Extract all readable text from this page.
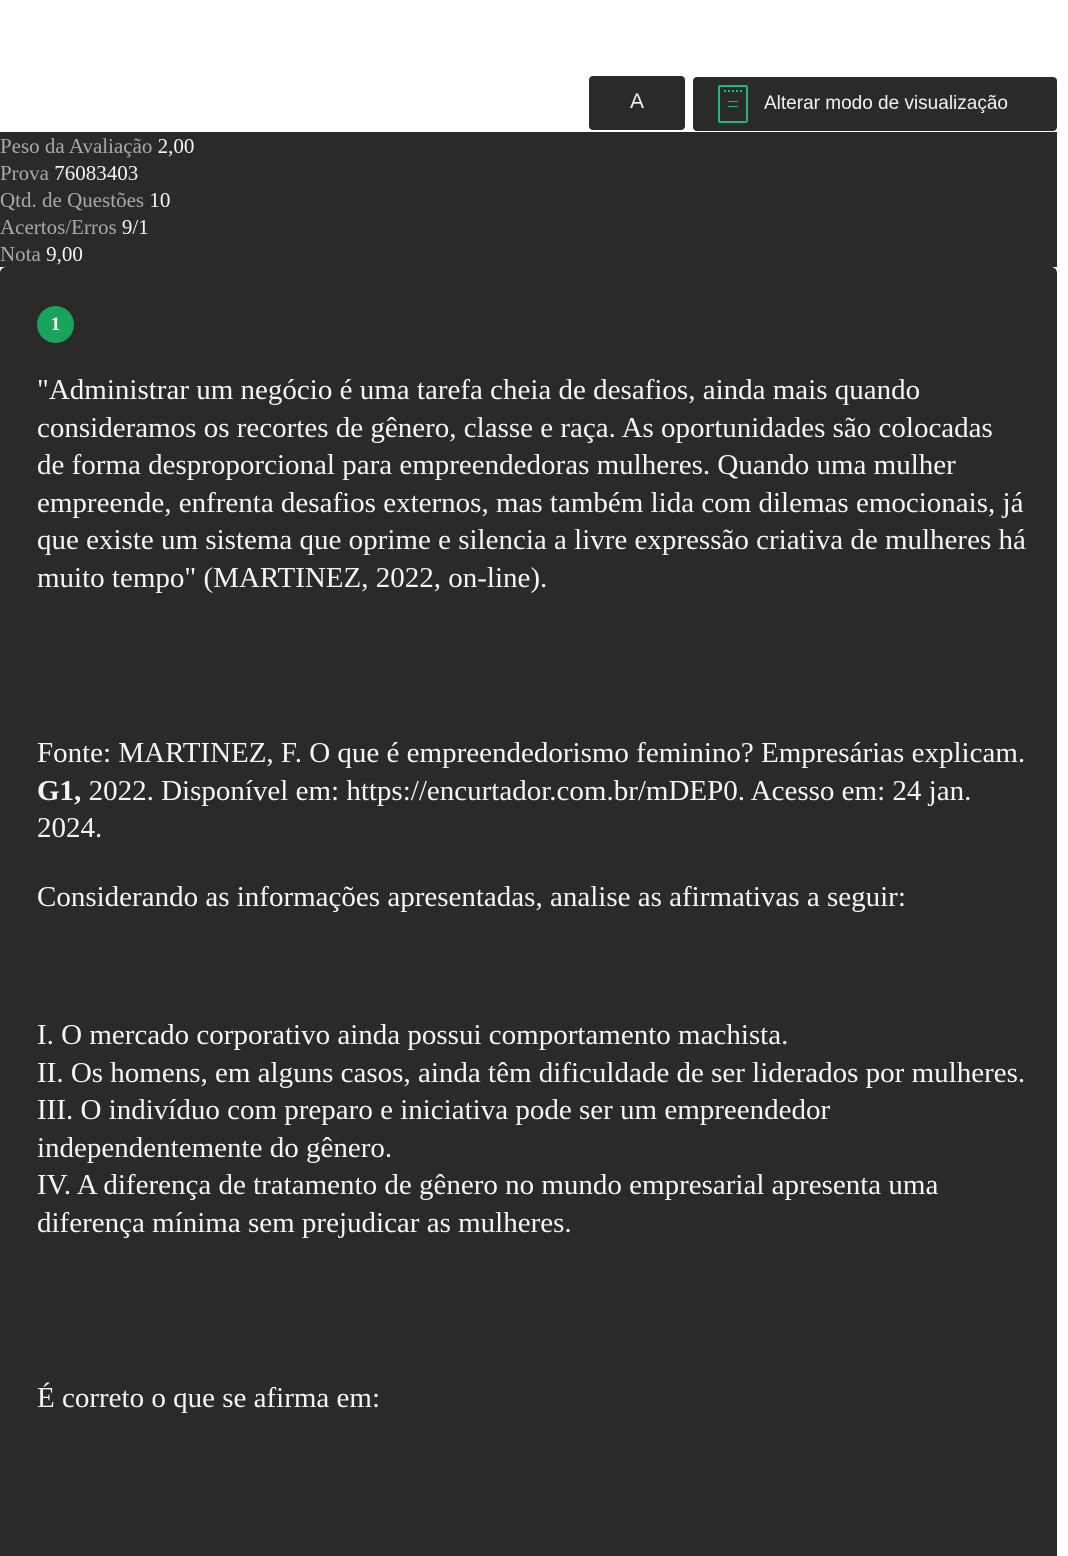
A	Alterar modo de visualização
Peso da Avaliação 2,00
Prova 76083403
Qtd. de Questões 10
Acertos/Erros 9/1
Nota 9,00
1

"Administrar um negócio é uma tarefa cheia de desafios, ainda mais quando consideramos os recortes de gênero, classe e raça. As oportunidades são colocadas de forma desproporcional para empreendedoras mulheres. Quando uma mulher empreende, enfrenta desafios externos, mas também lida com dilemas emocionais, já que existe um sistema que oprime e silencia a livre expressão criativa de mulheres há muito tempo" (MARTINEZ, 2022, on-line).

Fonte: MARTINEZ, F. O que é empreendedorismo feminino? Empresárias explicam. G1, 2022. Disponível em: https://encurtador.com.br/mDEP0. Acesso em: 24 jan. 2024.

Considerando as informações apresentadas, analise as afirmativas a seguir:

I. O mercado corporativo ainda possui comportamento machista.
II. Os homens, em alguns casos, ainda têm dificuldade de ser liderados por mulheres.
III. O indivíduo com preparo e iniciativa pode ser um empreendedor independentemente do gênero.
IV. A diferença de tratamento de gênero no mundo empresarial apresenta uma diferença mínima sem prejudicar as mulheres.

É correto o que se afirma em:
